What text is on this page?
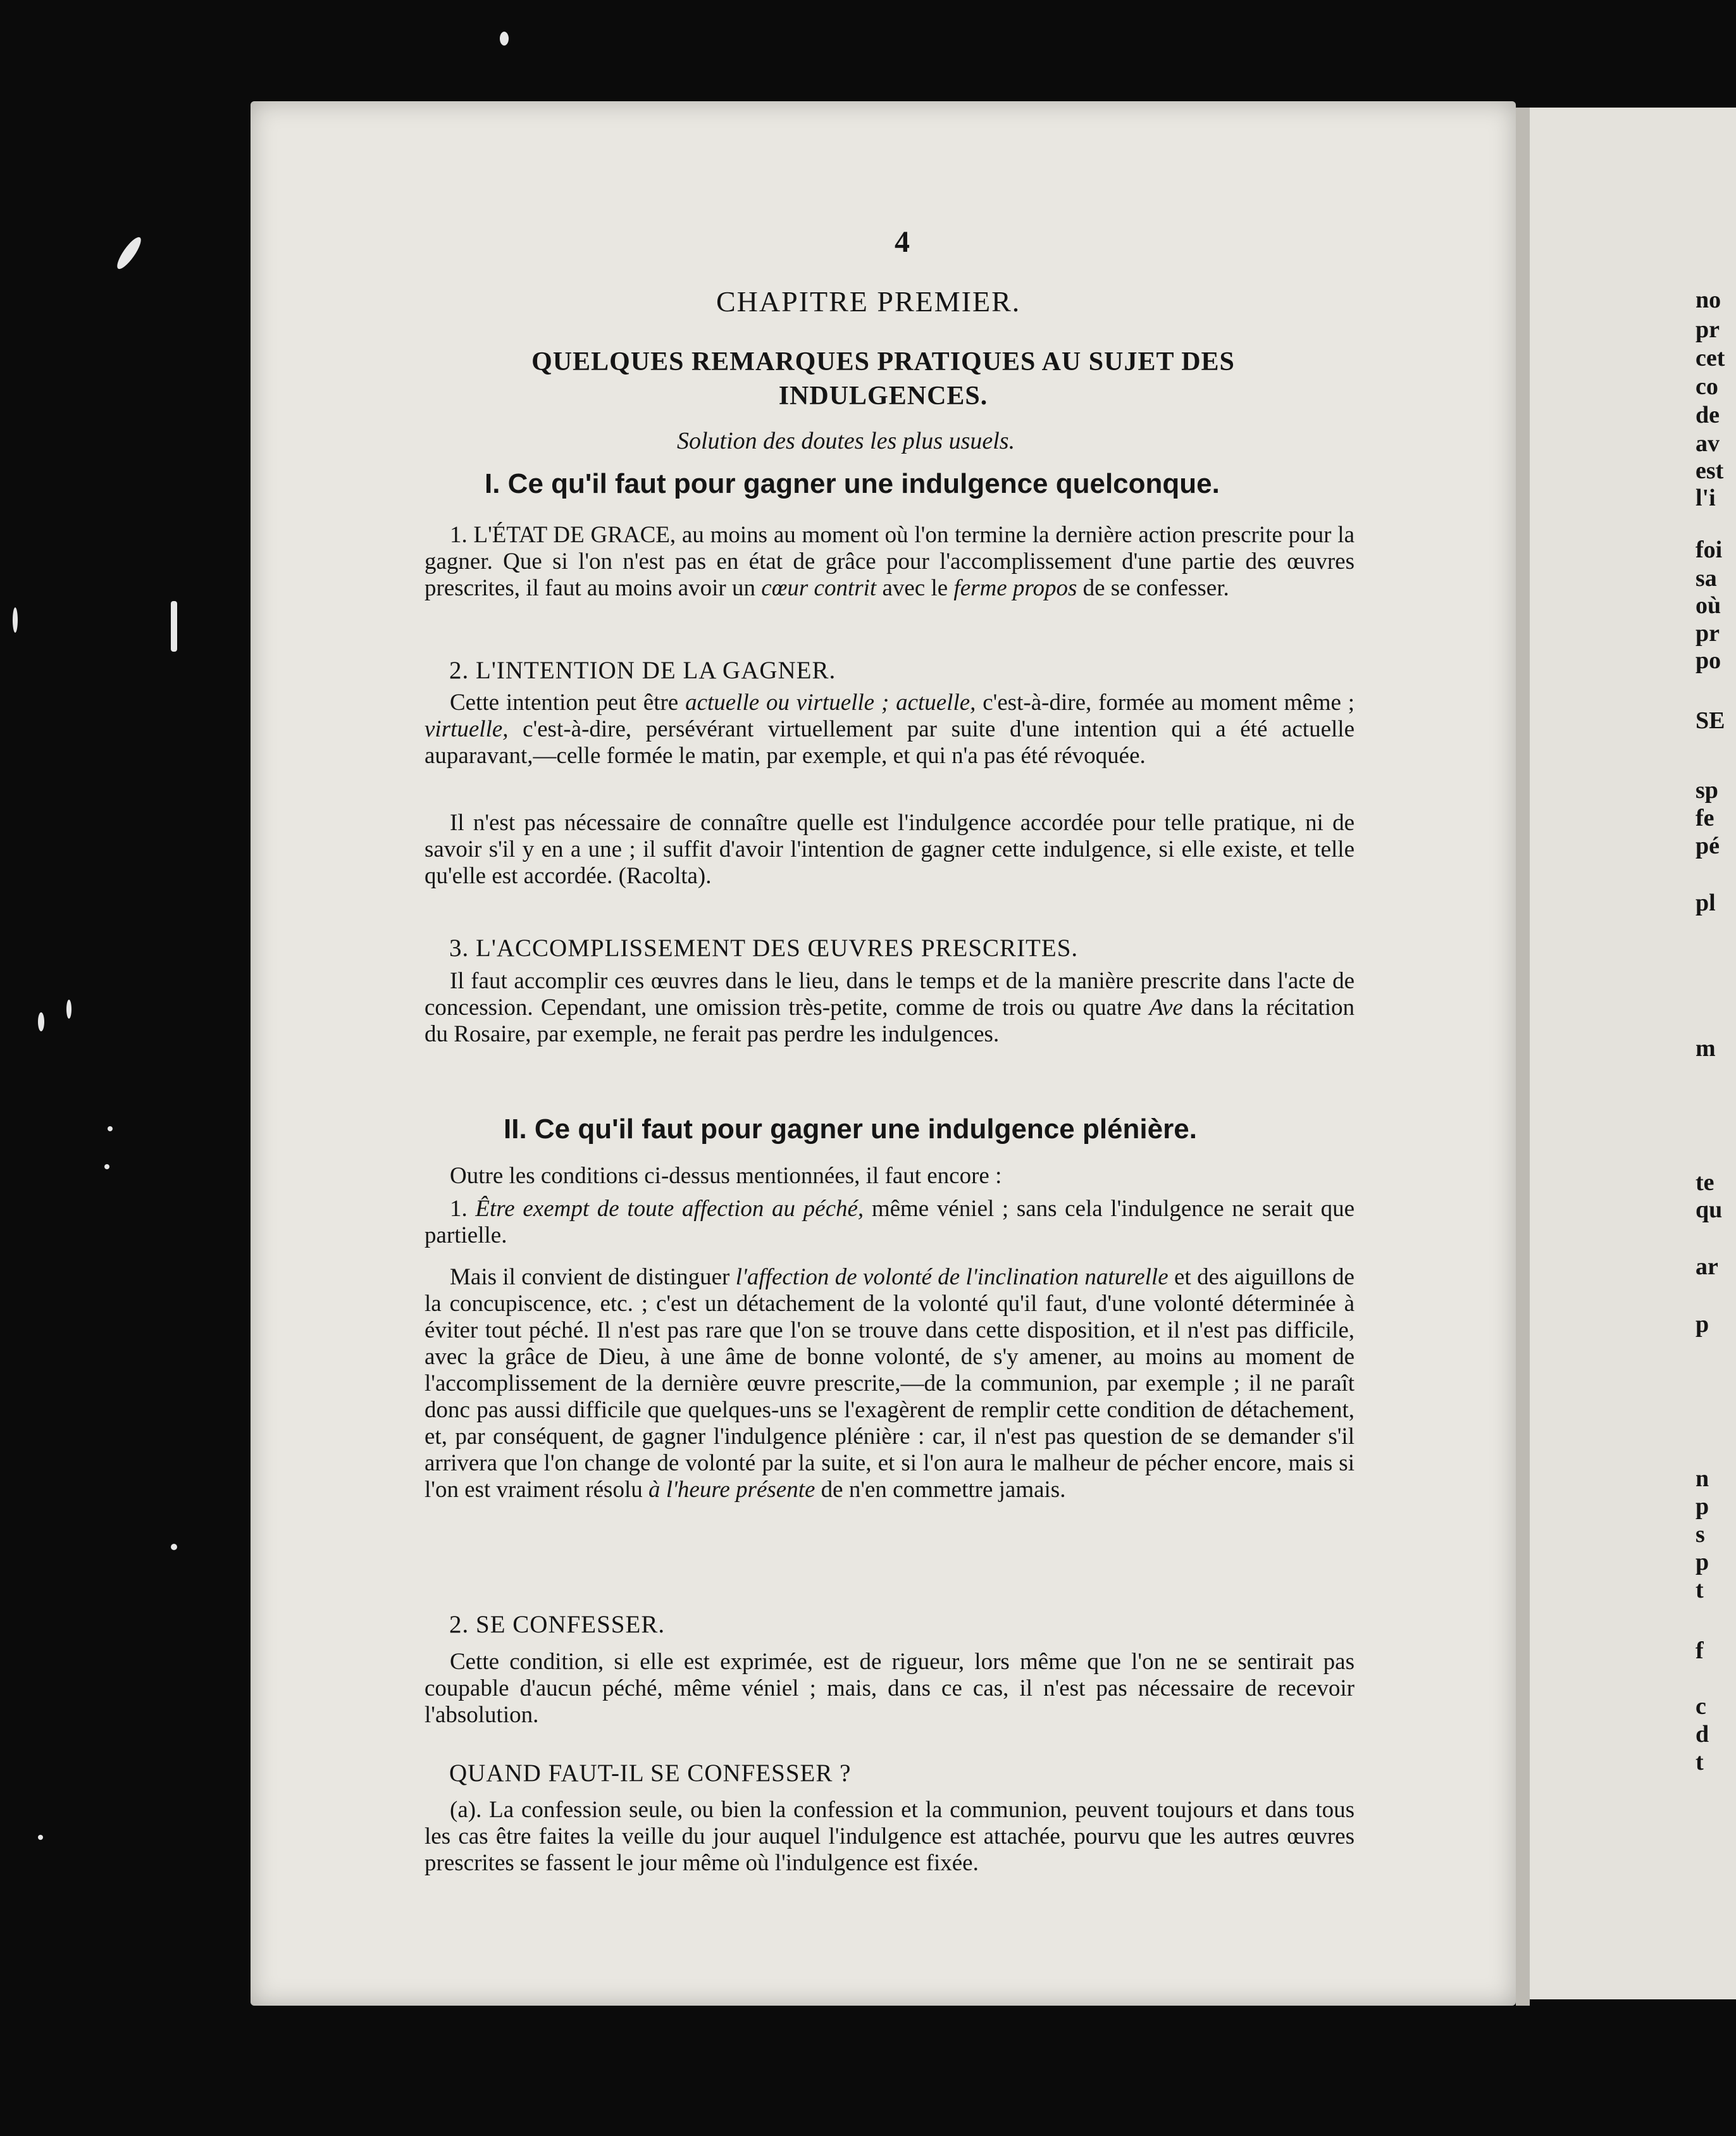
4
CHAPITRE PREMIER.
QUELQUES REMARQUES PRATIQUES AU SUJET DES INDULGENCES.
Solution des doutes les plus usuels.
I. Ce qu'il faut pour gagner une indulgence quelconque.
1. L'ÉTAT DE GRACE, au moins au moment où l'on termine la dernière action prescrite pour la gagner. Que si l'on n'est pas en état de grâce pour l'accomplissement d'une partie des œuvres prescrites, il faut au moins avoir un cœur contrit avec le ferme propos de se confesser.
2. L'INTENTION DE LA GAGNER.
Cette intention peut être actuelle ou virtuelle ; actuelle, c'est-à-dire, formée au moment même ; virtuelle, c'est-à-dire, persévérant virtuellement par suite d'une intention qui a été actuelle auparavant,—celle formée le matin, par exemple, et qui n'a pas été révoquée.
Il n'est pas nécessaire de connaître quelle est l'indulgence accordée pour telle pratique, ni de savoir s'il y en a une ; il suffit d'avoir l'intention de gagner cette indulgence, si elle existe, et telle qu'elle est accordée. (Racolta).
3. L'ACCOMPLISSEMENT DES ŒUVRES PRESCRITES.
Il faut accomplir ces œuvres dans le lieu, dans le temps et de la manière prescrite dans l'acte de concession. Cependant, une omission très-petite, comme de trois ou quatre Ave dans la récitation du Rosaire, par exemple, ne ferait pas perdre les indulgences.
II. Ce qu'il faut pour gagner une indulgence plénière.
Outre les conditions ci-dessus mentionnées, il faut encore :
1. Être exempt de toute affection au péché, même véniel ; sans cela l'indulgence ne serait que partielle.
Mais il convient de distinguer l'affection de volonté de l'inclination naturelle et des aiguillons de la concupiscence, etc. ; c'est un détachement de la volonté qu'il faut, d'une volonté déterminée à éviter tout péché. Il n'est pas rare que l'on se trouve dans cette disposition, et il n'est pas difficile, avec la grâce de Dieu, à une âme de bonne volonté, de s'y amener, au moins au moment de l'accomplissement de la dernière œuvre prescrite,—de la communion, par exemple ; il ne paraît donc pas aussi difficile que quelques-uns se l'exagèrent de remplir cette condition de détachement, et, par conséquent, de gagner l'indulgence plénière : car, il n'est pas question de se demander s'il arrivera que l'on change de volonté par la suite, et si l'on aura le malheur de pécher encore, mais si l'on est vraiment résolu à l'heure présente de n'en commettre jamais.
2. SE CONFESSER.
Cette condition, si elle est exprimée, est de rigueur, lors même que l'on ne se sentirait pas coupable d'aucun péché, même véniel ; mais, dans ce cas, il n'est pas nécessaire de recevoir l'absolution.
QUAND FAUT-IL SE CONFESSER ?
(a). La confession seule, ou bien la confession et la communion, peuvent toujours et dans tous les cas être faites la veille du jour auquel l'indulgence est attachée, pourvu que les autres œuvres prescrites se fassent le jour même où l'indulgence est fixée.
no
pr
cet
co
de
av
est
l'i
foi
sa
où
pr
po
SE
sp
fe
pé
pl
m
te
qu
ar
p
n
p
s
p
t
f
c
d
t
